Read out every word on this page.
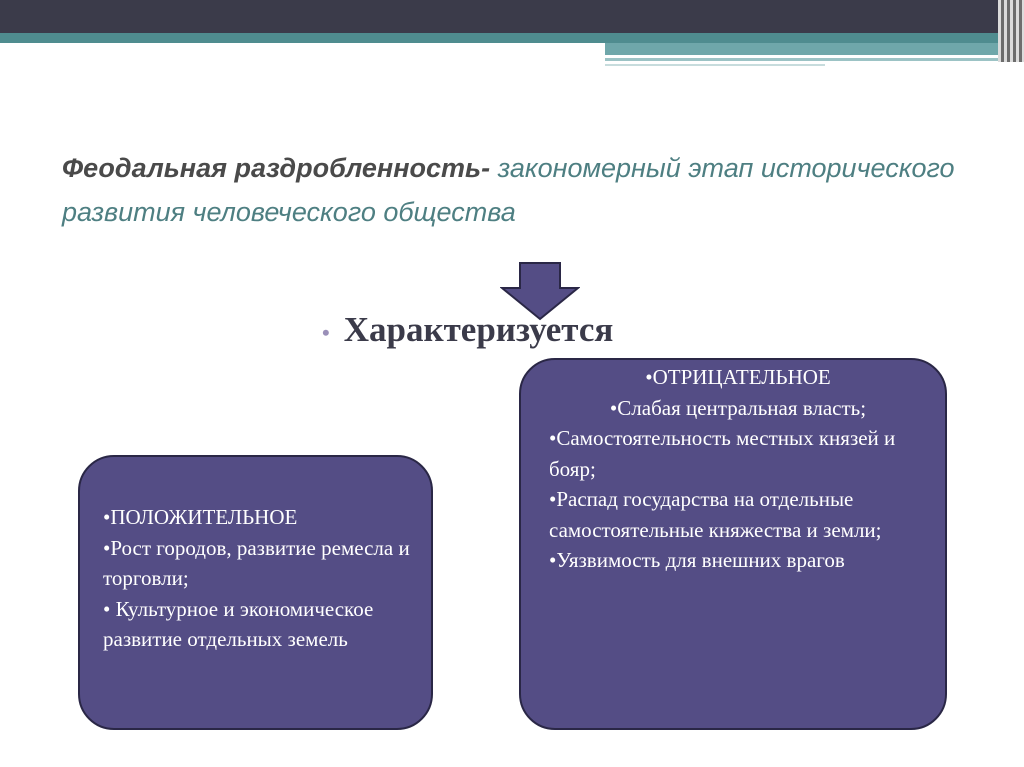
Феодальная раздробленность- закономерный этап исторического развития человеческого общества
• Характеризуется

•ПОЛОЖИТЕЛЬНОЕ

•Рост городов, развитие ремесла и торговли;

• Культурное и экономическое развитие отдельных земель

•ОТРИЦАТЕЛЬНОЕ

•Слабая центральная власть;

•Самостоятельность местных князей и бояр;

•Распад государства на отдельные самостоятельные княжества и земли;

•Уязвимость для внешних врагов
